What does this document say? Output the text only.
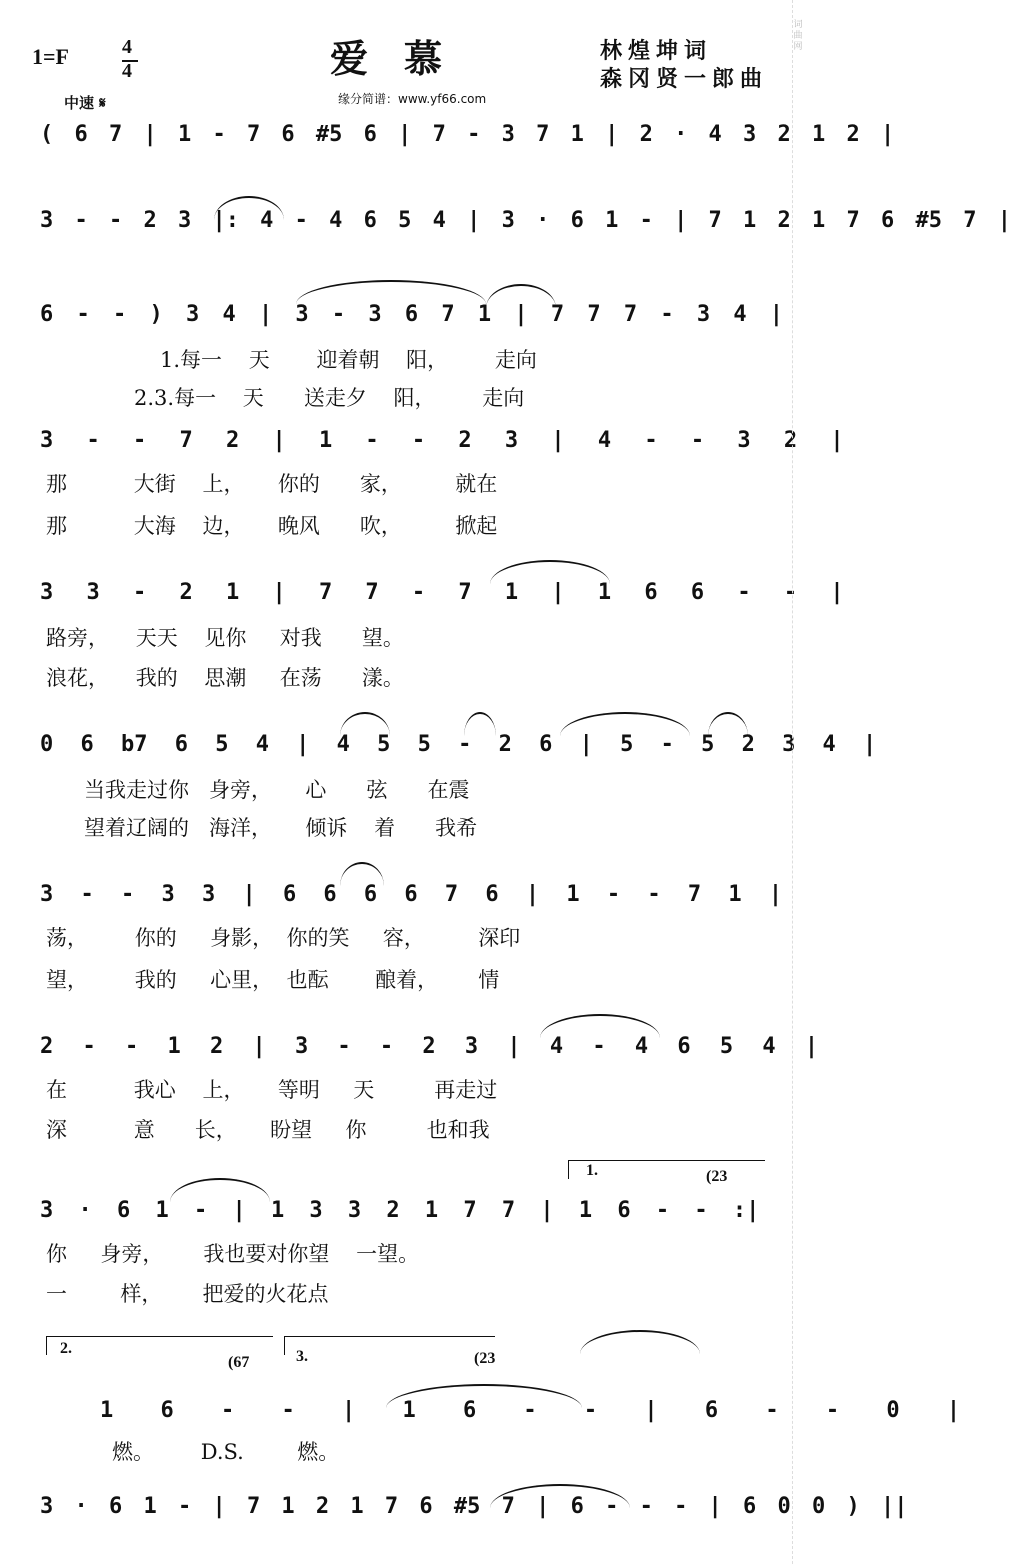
1=F	4
4	爱慕	林煌坤词
森冈贤一郎曲
缘分简谱：www.yf66.com
中速 𝄋
( 6 7 | 1 - 7 6 #5 6 | 7 - 3 7 1 | 2 · 4 3 2 1 2 |
3 - - 2 3 |: 4 - 4 6 5 4 | 3 · 6 1 - | 7 1 2 1 7 6 #5 7 |
6 - - ) 3 4 | 3 - 3 6 7 1 | 7 7 7 - 3 4 |
3 - - 7 2 | 1 - - 2 3 | 4 - - 3 2 |
3 3 - 2 1 | 7 7 - 7 1 | 1 6 6 - - |
0 6 b7 6 5 4 | 4 5 5 - 2 6 | 5 - 5 2 3 4 |
3 - - 3 3 | 6 6 6 6 7 6 | 1 - - 7 1 |
2 - - 1 2 | 3 - - 2 3 | 4 - 4 6 5 4 |
3 · 6 1 - | 1 3 3 2 1 7 7 | 1 6 - - :|
1 6 - - | 1 6 - - | 6 - - 0 |
3 · 6 1 - | 7 1 2 1 7 6 #5 7 | 6 - - - | 6 0 0 ) ||
1.	(23
2.
(67	3.	(23
1.每一    天       迎着朝    阳，       走向
2.3.每一    天      送走夕    阳，       走向
那          大街    上，     你的      家，        就在
那          大海    边，     晚风      吹，        掀起
路旁，    天天    见你     对我      望。
浪花，    我的    思潮     在荡      漾。
当我走过你   身旁，     心      弦      在震
望着辽阔的   海洋，     倾诉    着      我希
荡，       你的     身影，  你的笑     容，        深印
望，       我的     心里，  也酝       酿着，      情
在          我心    上，     等明     天         再走过
深          意      长，     盼望     你         也和我
你     身旁，      我也要对你望    一望。
一        样，      把爱的火花点
燃。       D.S.        燃。
词曲网
